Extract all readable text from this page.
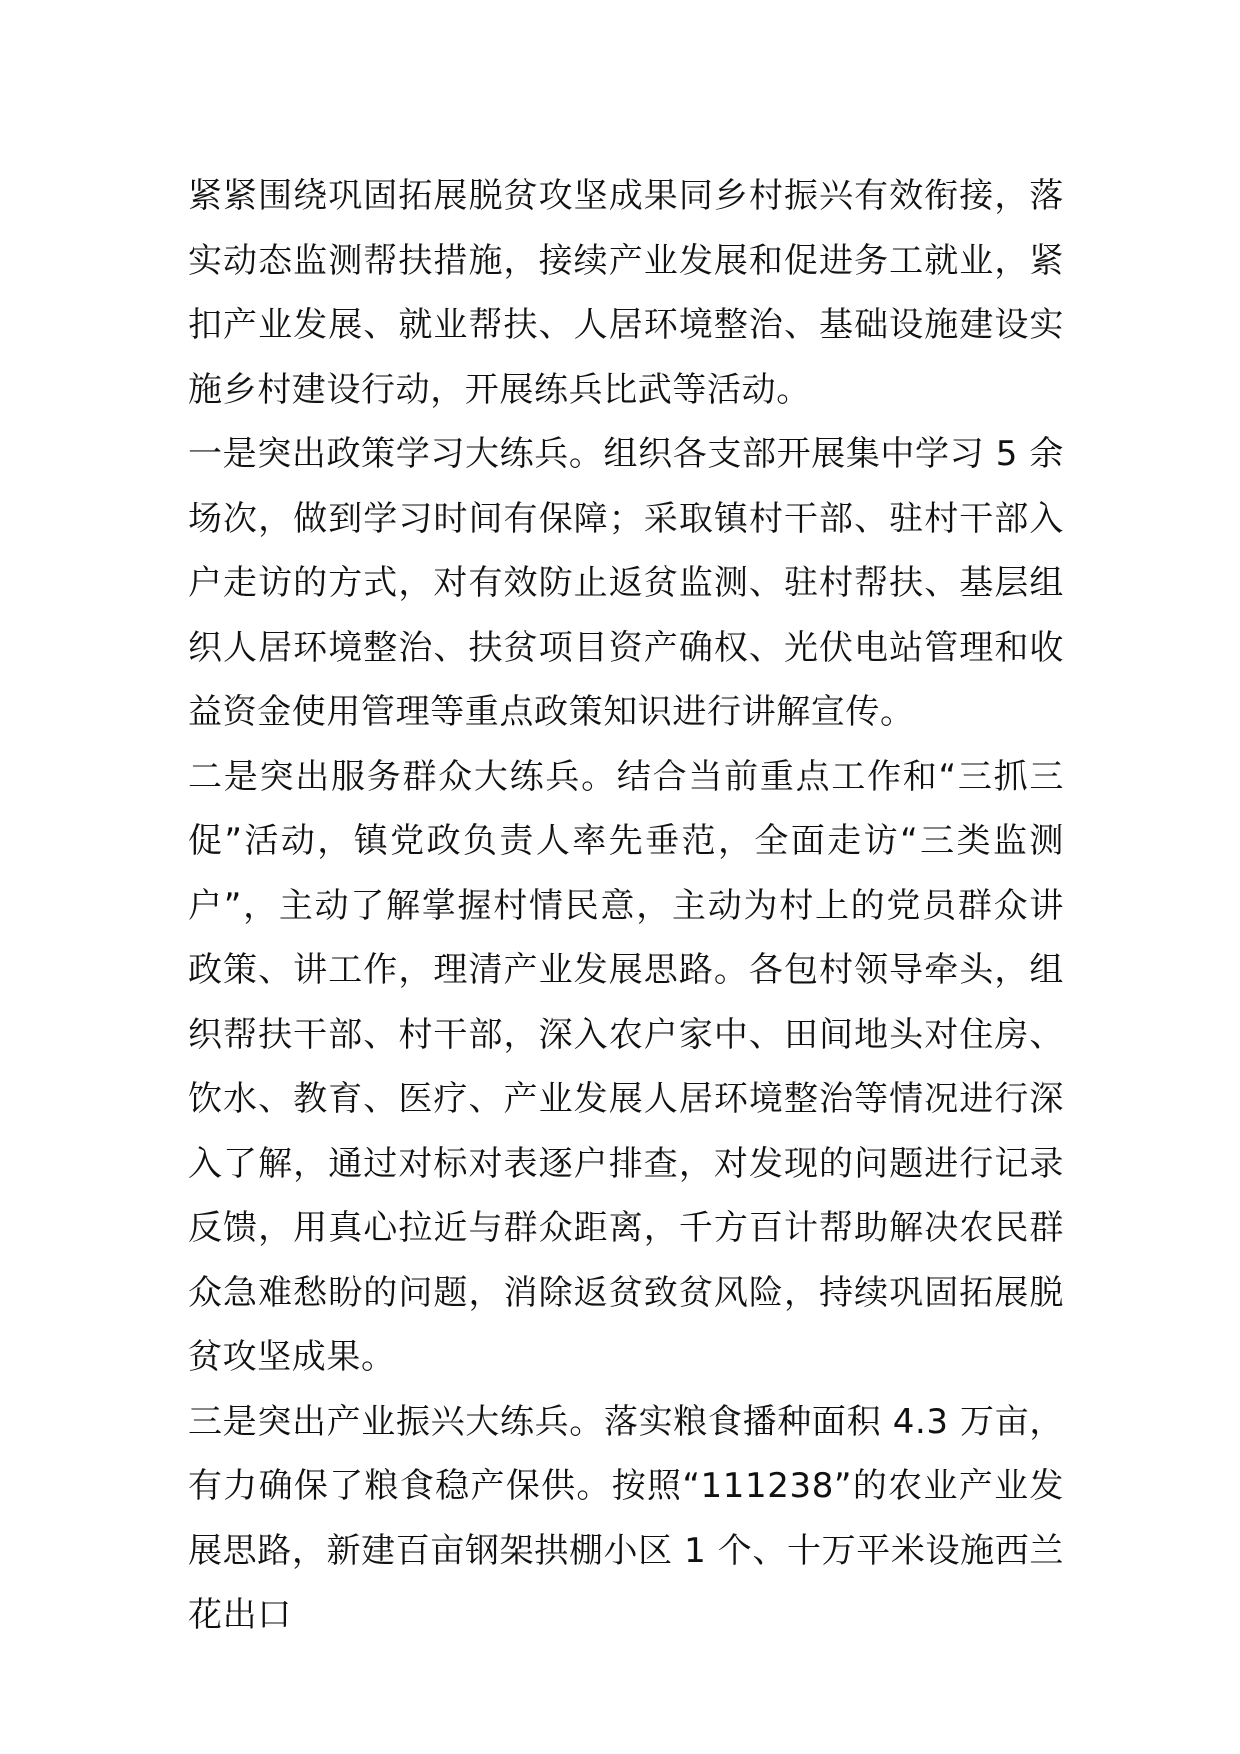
紧紧围绕巩固拓展脱贫攻坚成果同乡村振兴有效衔接，落实动态监测帮扶措施，接续产业发展和促进务工就业，紧扣产业发展、就业帮扶、人居环境整治、基础设施建设实施乡村建设行动，开展练兵比武等活动。

一是突出政策学习大练兵。组织各支部开展集中学习 5 余场次，做到学习时间有保障；采取镇村干部、驻村干部入户走访的方式，对有效防止返贫监测、驻村帮扶、基层组织人居环境整治、扶贫项目资产确权、光伏电站管理和收益资金使用管理等重点政策知识进行讲解宣传。

二是突出服务群众大练兵。结合当前重点工作和“三抓三促”活动，镇党政负责人率先垂范，全面走访“三类监测户”，主动了解掌握村情民意，主动为村上的党员群众讲政策、讲工作，理清产业发展思路。各包村领导牵头，组织帮扶干部、村干部，深入农户家中、田间地头对住房、饮水、教育、医疗、产业发展人居环境整治等情况进行深入了解，通过对标对表逐户排查，对发现的问题进行记录反馈，用真心拉近与群众距离，千方百计帮助解决农民群众急难愁盼的问题，消除返贫致贫风险，持续巩固拓展脱贫攻坚成果。

三是突出产业振兴大练兵。落实粮食播种面积 4.3 万亩，有力确保了粮食稳产保供。按照“111238”的农业产业发展思路，新建百亩钢架拱棚小区 1 个、十万平米设施西兰花出口
